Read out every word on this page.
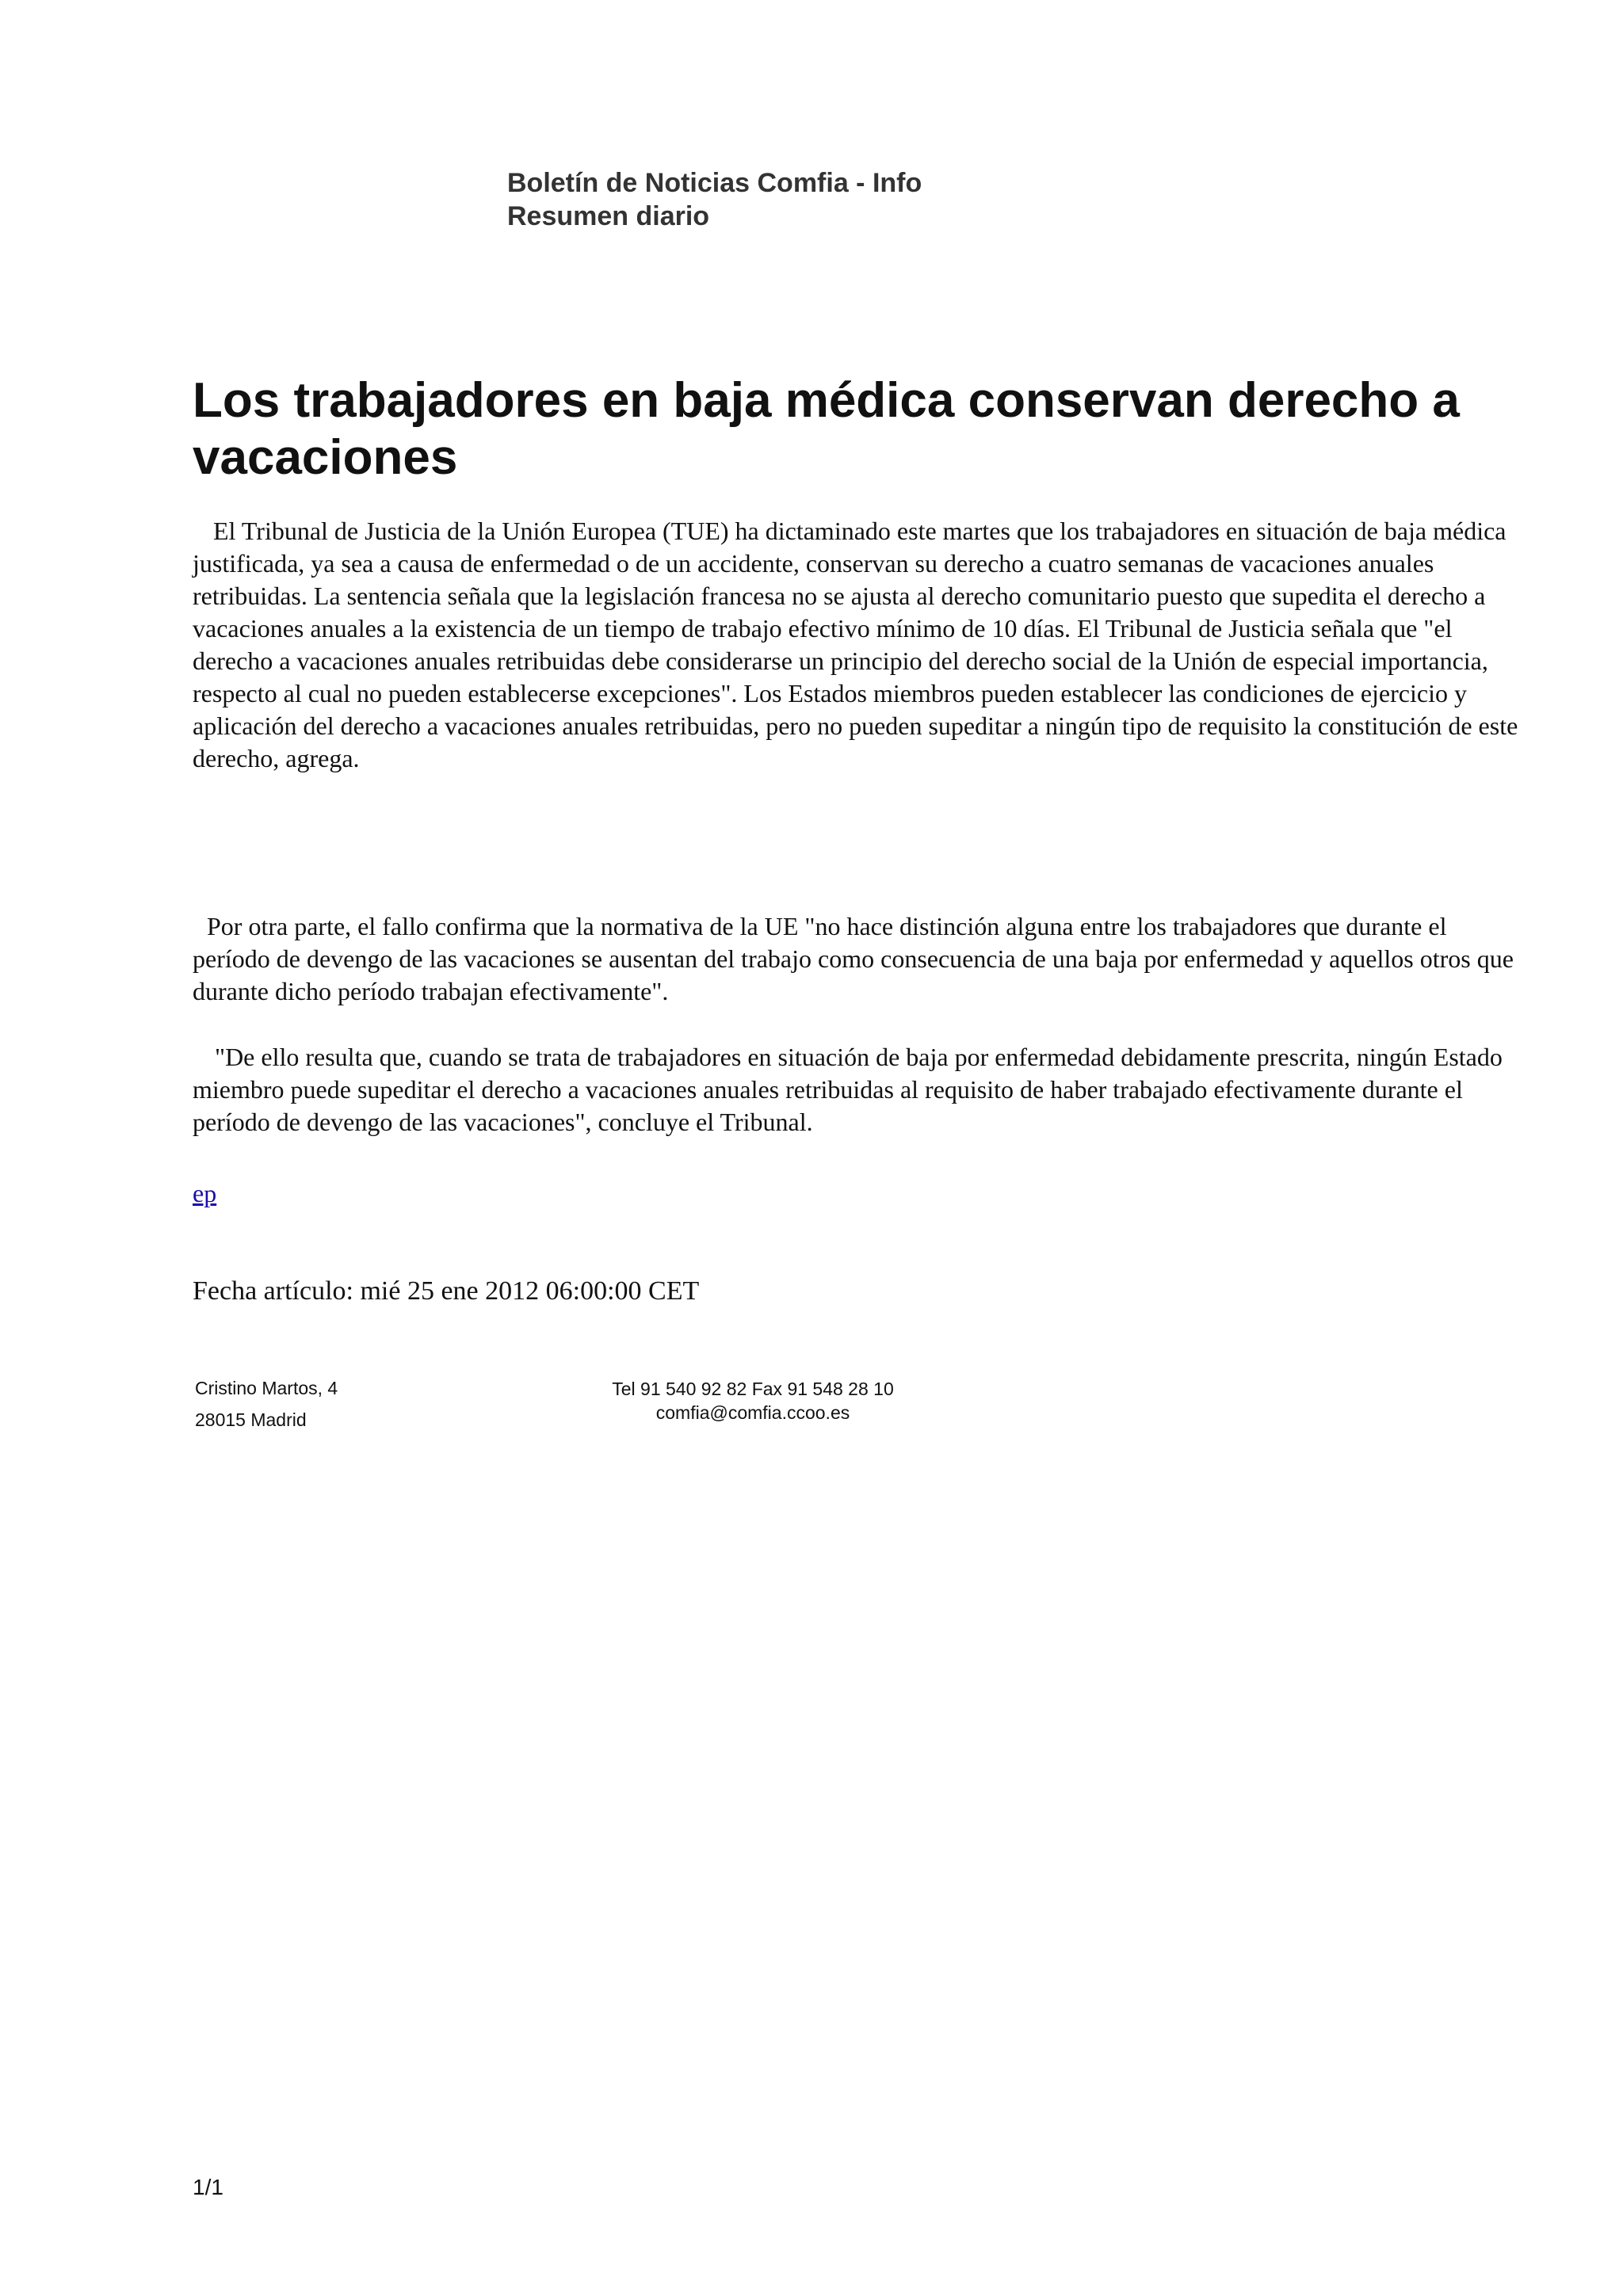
Boletín de Noticias Comfia - Info
Resumen diario
Los trabajadores en baja médica conservan derecho a vacaciones

El Tribunal de Justicia de la Unión Europea (TUE) ha dictaminado este martes que los trabajadores en situación de baja médica justificada, ya sea a causa de enfermedad o de un accidente, conservan su derecho a cuatro semanas de vacaciones anuales retribuidas. La sentencia señala que la legislación francesa no se ajusta al derecho comunitario puesto que supedita el derecho a vacaciones anuales a la existencia de un tiempo de trabajo efectivo mínimo de 10 días. El Tribunal de Justicia señala que "el derecho a vacaciones anuales retribuidas debe considerarse un principio del derecho social de la Unión de especial importancia, respecto al cual no pueden establecerse excepciones". Los Estados miembros pueden establecer las condiciones de ejercicio y aplicación del derecho a vacaciones anuales retribuidas, pero no pueden supeditar a ningún tipo de requisito la constitución de este derecho, agrega.

Por otra parte, el fallo confirma que la normativa de la UE "no hace distinción alguna entre los trabajadores que durante el período de devengo de las vacaciones se ausentan del trabajo como consecuencia de una baja por enfermedad y aquellos otros que durante dicho período trabajan efectivamente".

"De ello resulta que, cuando se trata de trabajadores en situación de baja por enfermedad debidamente prescrita, ningún Estado miembro puede supeditar el derecho a vacaciones anuales retribuidas al requisito de haber trabajado efectivamente durante el período de devengo de las vacaciones", concluye el Tribunal.

ep
Fecha artículo: mié 25 ene 2012 06:00:00 CET
Cristino Martos, 4
28015 Madrid
Tel 91 540 92 82 Fax 91 548 28 10
comfia@comfia.ccoo.es
1/1
